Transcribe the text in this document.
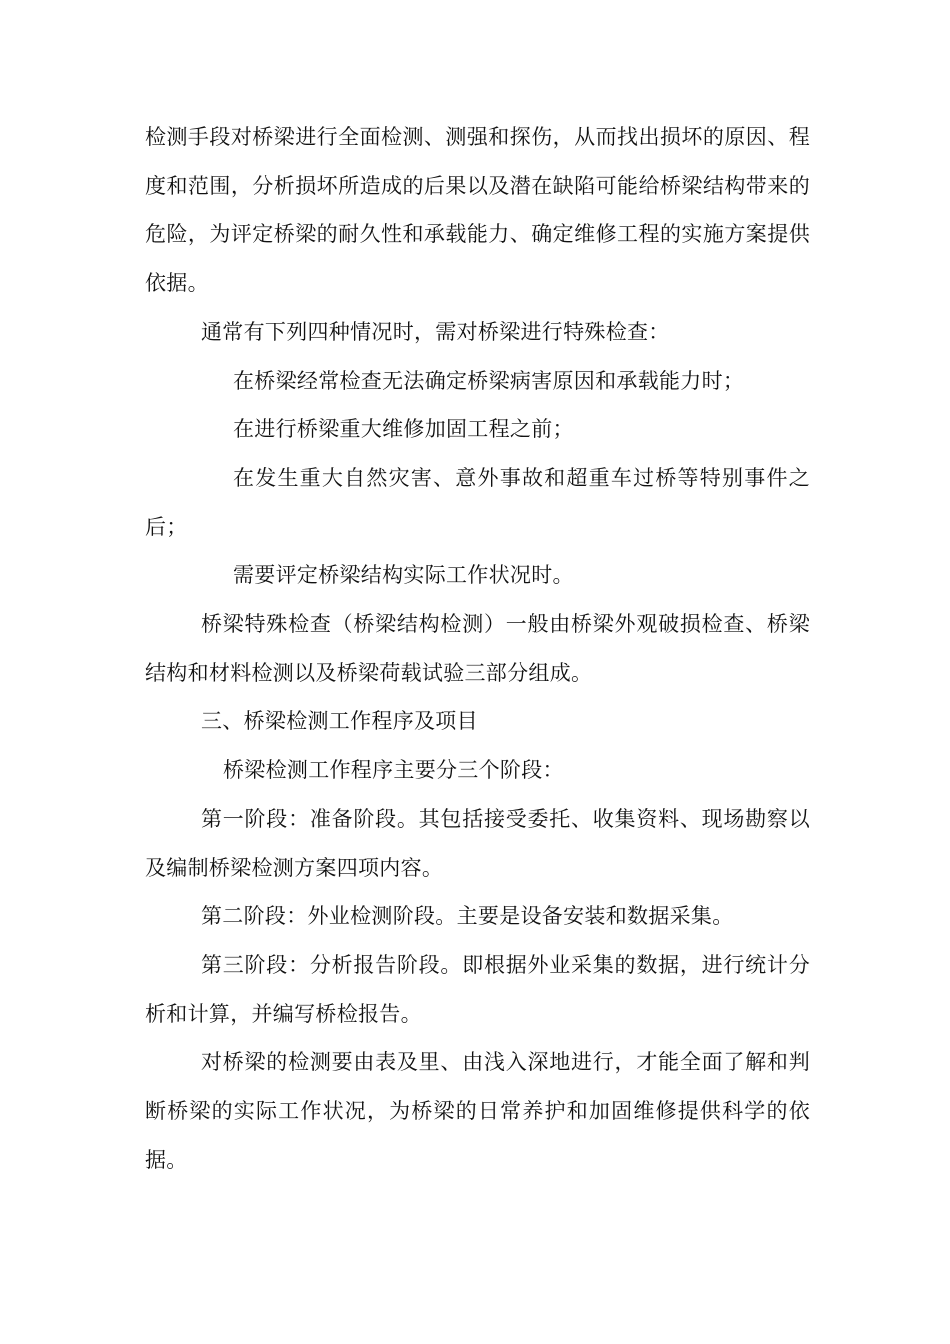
检测手段对桥梁进行全面检测、测强和探伤，从而找出损坏的原因、程度和范围，分析损坏所造成的后果以及潜在缺陷可能给桥梁结构带来的危险，为评定桥梁的耐久性和承载能力、确定维修工程的实施方案提供依据。

通常有下列四种情况时，需对桥梁进行特殊检查：

在桥梁经常检查无法确定桥梁病害原因和承载能力时；

在进行桥梁重大维修加固工程之前；

在发生重大自然灾害、意外事故和超重车过桥等特别事件之后；

需要评定桥梁结构实际工作状况时。

桥梁特殊检查（桥梁结构检测）一般由桥梁外观破损检查、桥梁结构和材料检测以及桥梁荷载试验三部分组成。

三、桥梁检测工作程序及项目

桥梁检测工作程序主要分三个阶段：

第一阶段：准备阶段。其包括接受委托、收集资料、现场勘察以及编制桥梁检测方案四项内容。

第二阶段：外业检测阶段。主要是设备安装和数据采集。

第三阶段：分析报告阶段。即根据外业采集的数据，进行统计分析和计算，并编写桥检报告。

对桥梁的检测要由表及里、由浅入深地进行，才能全面了解和判断桥梁的实际工作状况，为桥梁的日常养护和加固维修提供科学的依据。
